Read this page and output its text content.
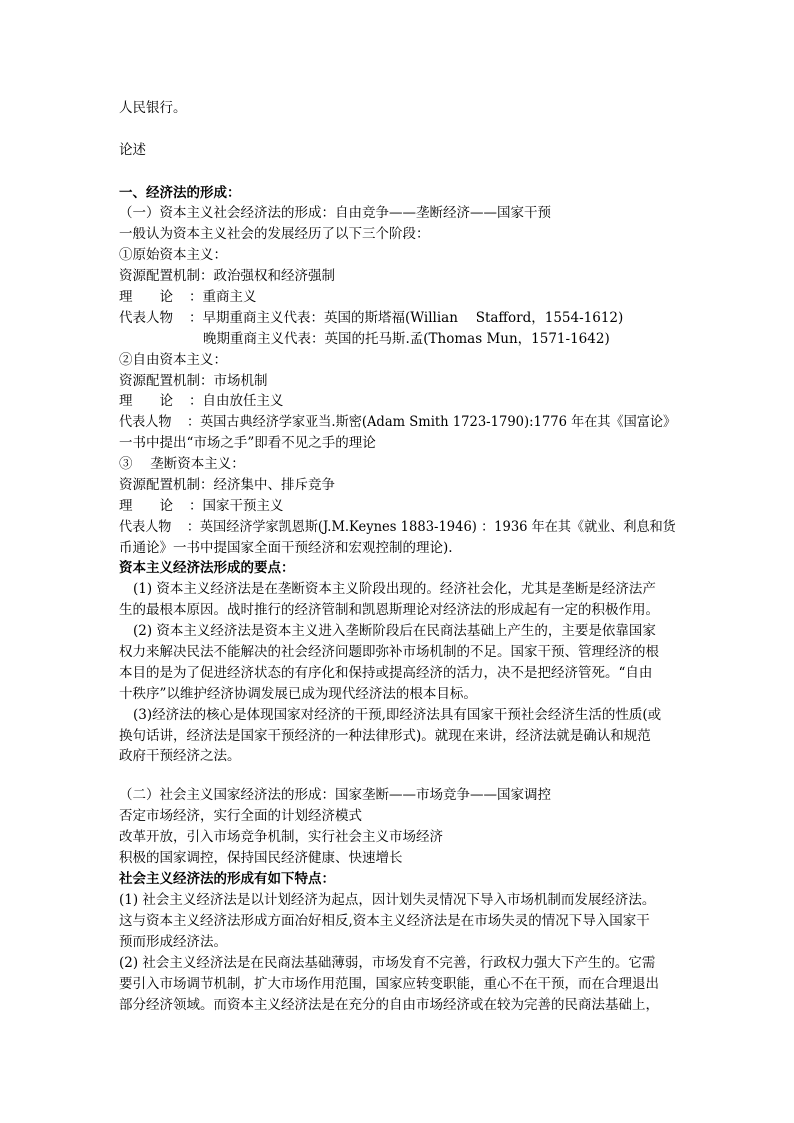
人民银行。
论述
一、经济法的形成：
（一）资本主义社会经济法的形成：自由竞争——垄断经济——国家干预
一般认为资本主义社会的发展经历了以下三个阶段：
①原始资本主义：
资源配置机制：政治强权和经济强制
理　　论 ：重商主义
代表人物 ：早期重商主义代表：英国的斯塔福(Willian　 Stafford，1554-1612)
晚期重商主义代表：英国的托马斯.孟(Thomas Mun，1571-1642)
②自由资本主义：
资源配置机制：市场机制
理　　论 ：自由放任主义
代表人物 ：英国古典经济学家亚当.斯密(Adam Smith 1723-1790):1776 年在其《国富论》
一书中提出“市场之手”即看不见之手的理论
③　 垄断资本主义：
资源配置机制：经济集中、排斥竞争
理　　论 ：国家干预主义
代表人物 ：英国经济学家凯恩斯(J.M.Keynes 1883-1946) ：1936 年在其《就业、利息和货
币通论》一书中提国家全面干预经济和宏观控制的理论).
资本主义经济法形成的要点：
(1) 资本主义经济法是在垄断资本主义阶段出现的。经济社会化，尤其是垄断是经济法产
生的最根本原因。战时推行的经济管制和凯恩斯理论对经济法的形成起有一定的积极作用。
(2) 资本主义经济法是资本主义进入垄断阶段后在民商法基础上产生的，主要是依靠国家
权力来解决民法不能解决的社会经济问题即弥补市场机制的不足。国家干预、管理经济的根
本目的是为了促进经济状态的有序化和保持或提高经济的活力，决不是把经济管死。“自由
十秩序”以维护经济协调发展已成为现代经济法的根本目标。
(3)经济法的核心是体现国家对经济的干预,即经济法具有国家干预社会经济生活的性质(或
换句话讲，经济法是国家干预经济的一种法律形式)。就现在来讲，经济法就是确认和规范
政府干预经济之法。
（二）社会主义国家经济法的形成：国家垄断——市场竞争——国家调控
否定市场经济，实行全面的计划经济模式
改革开放，引入市场竞争机制，实行社会主义市场经济
积极的国家调控，保持国民经济健康、快速增长
社会主义经济法的形成有如下特点：
(1) 社会主义经济法是以计划经济为起点，因计划失灵情况下导入市场机制而发展经济法。
这与资本主义经济法形成方面冶好相反,资本主义经济法是在市场失灵的情况下导入国家干
预而形成经济法。
(2) 社会主义经济法是在民商法基础薄弱，市场发育不完善，行政权力强大下产生的。它需
要引入市场调节机制，扩大市场作用范围，国家应转变职能，重心不在干预，而在合理退出
部分经济领域。而资本主义经济法是在充分的自由市场经济或在较为完善的民商法基础上，
